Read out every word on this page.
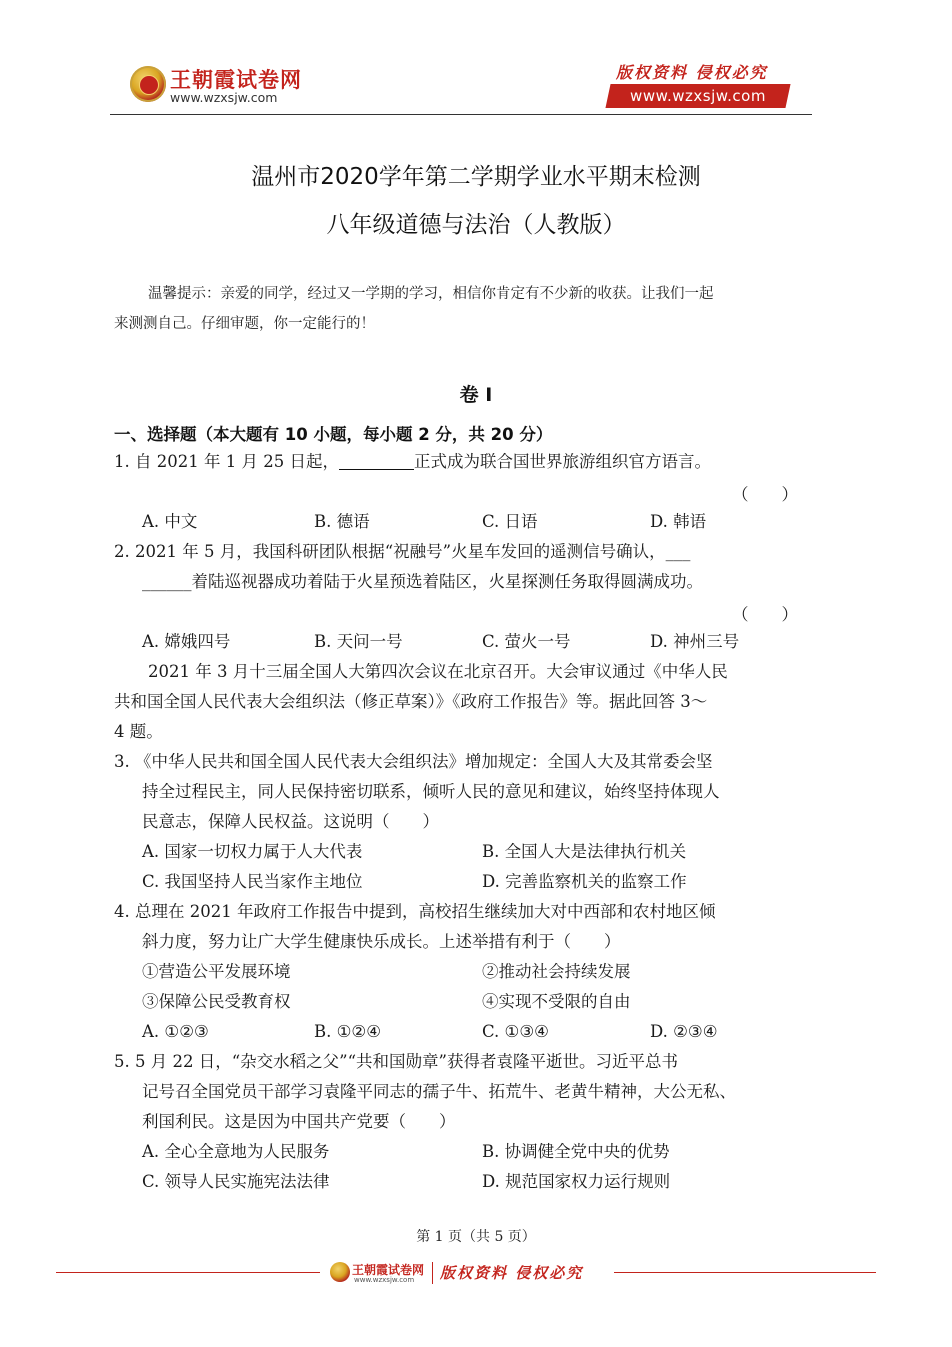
王朝霞试卷网
www.wzxsjw.com
版权资料 侵权必究
www.wzxsjw.com
温州市2020学年第二学期学业水平期末检测
八年级道德与法治（人教版）
温馨提示：亲爱的同学，经过又一学期的学习，相信你肯定有不少新的收获。让我们一起
来测测自己。仔细审题，你一定能行的！
卷 Ⅰ
一、选择题（本大题有 10 小题，每小题 2 分，共 20 分）
1. 自 2021 年 1 月 25 日起，	正式成为联合国世界旅游组织官方语言。
（　　）
A. 中文	B. 德语	C. 日语	D. 韩语
2. 2021 年 5 月，我国科研团队根据“祝融号”火星车发回的遥测信号确认，___
______着陆巡视器成功着陆于火星预选着陆区，火星探测任务取得圆满成功。
（　　）
A. 嫦娥四号	B. 天问一号	C. 萤火一号	D. 神州三号
2021 年 3 月十三届全国人大第四次会议在北京召开。大会审议通过《中华人民
共和国全国人民代表大会组织法（修正草案）》《政府工作报告》等。据此回答 3～
4 题。
3. 《中华人民共和国全国人民代表大会组织法》增加规定：全国人大及其常委会坚
持全过程民主，同人民保持密切联系，倾听人民的意见和建议，始终坚持体现人
民意志，保障人民权益。这说明（　　）
A. 国家一切权力属于人大代表	B. 全国人大是法律执行机关
C. 我国坚持人民当家作主地位	D. 完善监察机关的监察工作
4. 总理在 2021 年政府工作报告中提到，高校招生继续加大对中西部和农村地区倾
斜力度，努力让广大学生健康快乐成长。上述举措有利于（　　）
①营造公平发展环境	②推动社会持续发展
③保障公民受教育权	④实现不受限的自由
A. ①②③	B. ①②④	C. ①③④	D. ②③④
5. 5 月 22 日，“杂交水稻之父”“共和国勋章”获得者袁隆平逝世。习近平总书
记号召全国党员干部学习袁隆平同志的孺子牛、拓荒牛、老黄牛精神，大公无私、
利国利民。这是因为中国共产党要（　　）
A. 全心全意地为人民服务	B. 协调健全党中央的优势
C. 领导人民实施宪法法律	D. 规范国家权力运行规则
第 1 页（共 5 页）
王朝霞试卷网
www.wzxsjw.com 版权资料 侵权必究
